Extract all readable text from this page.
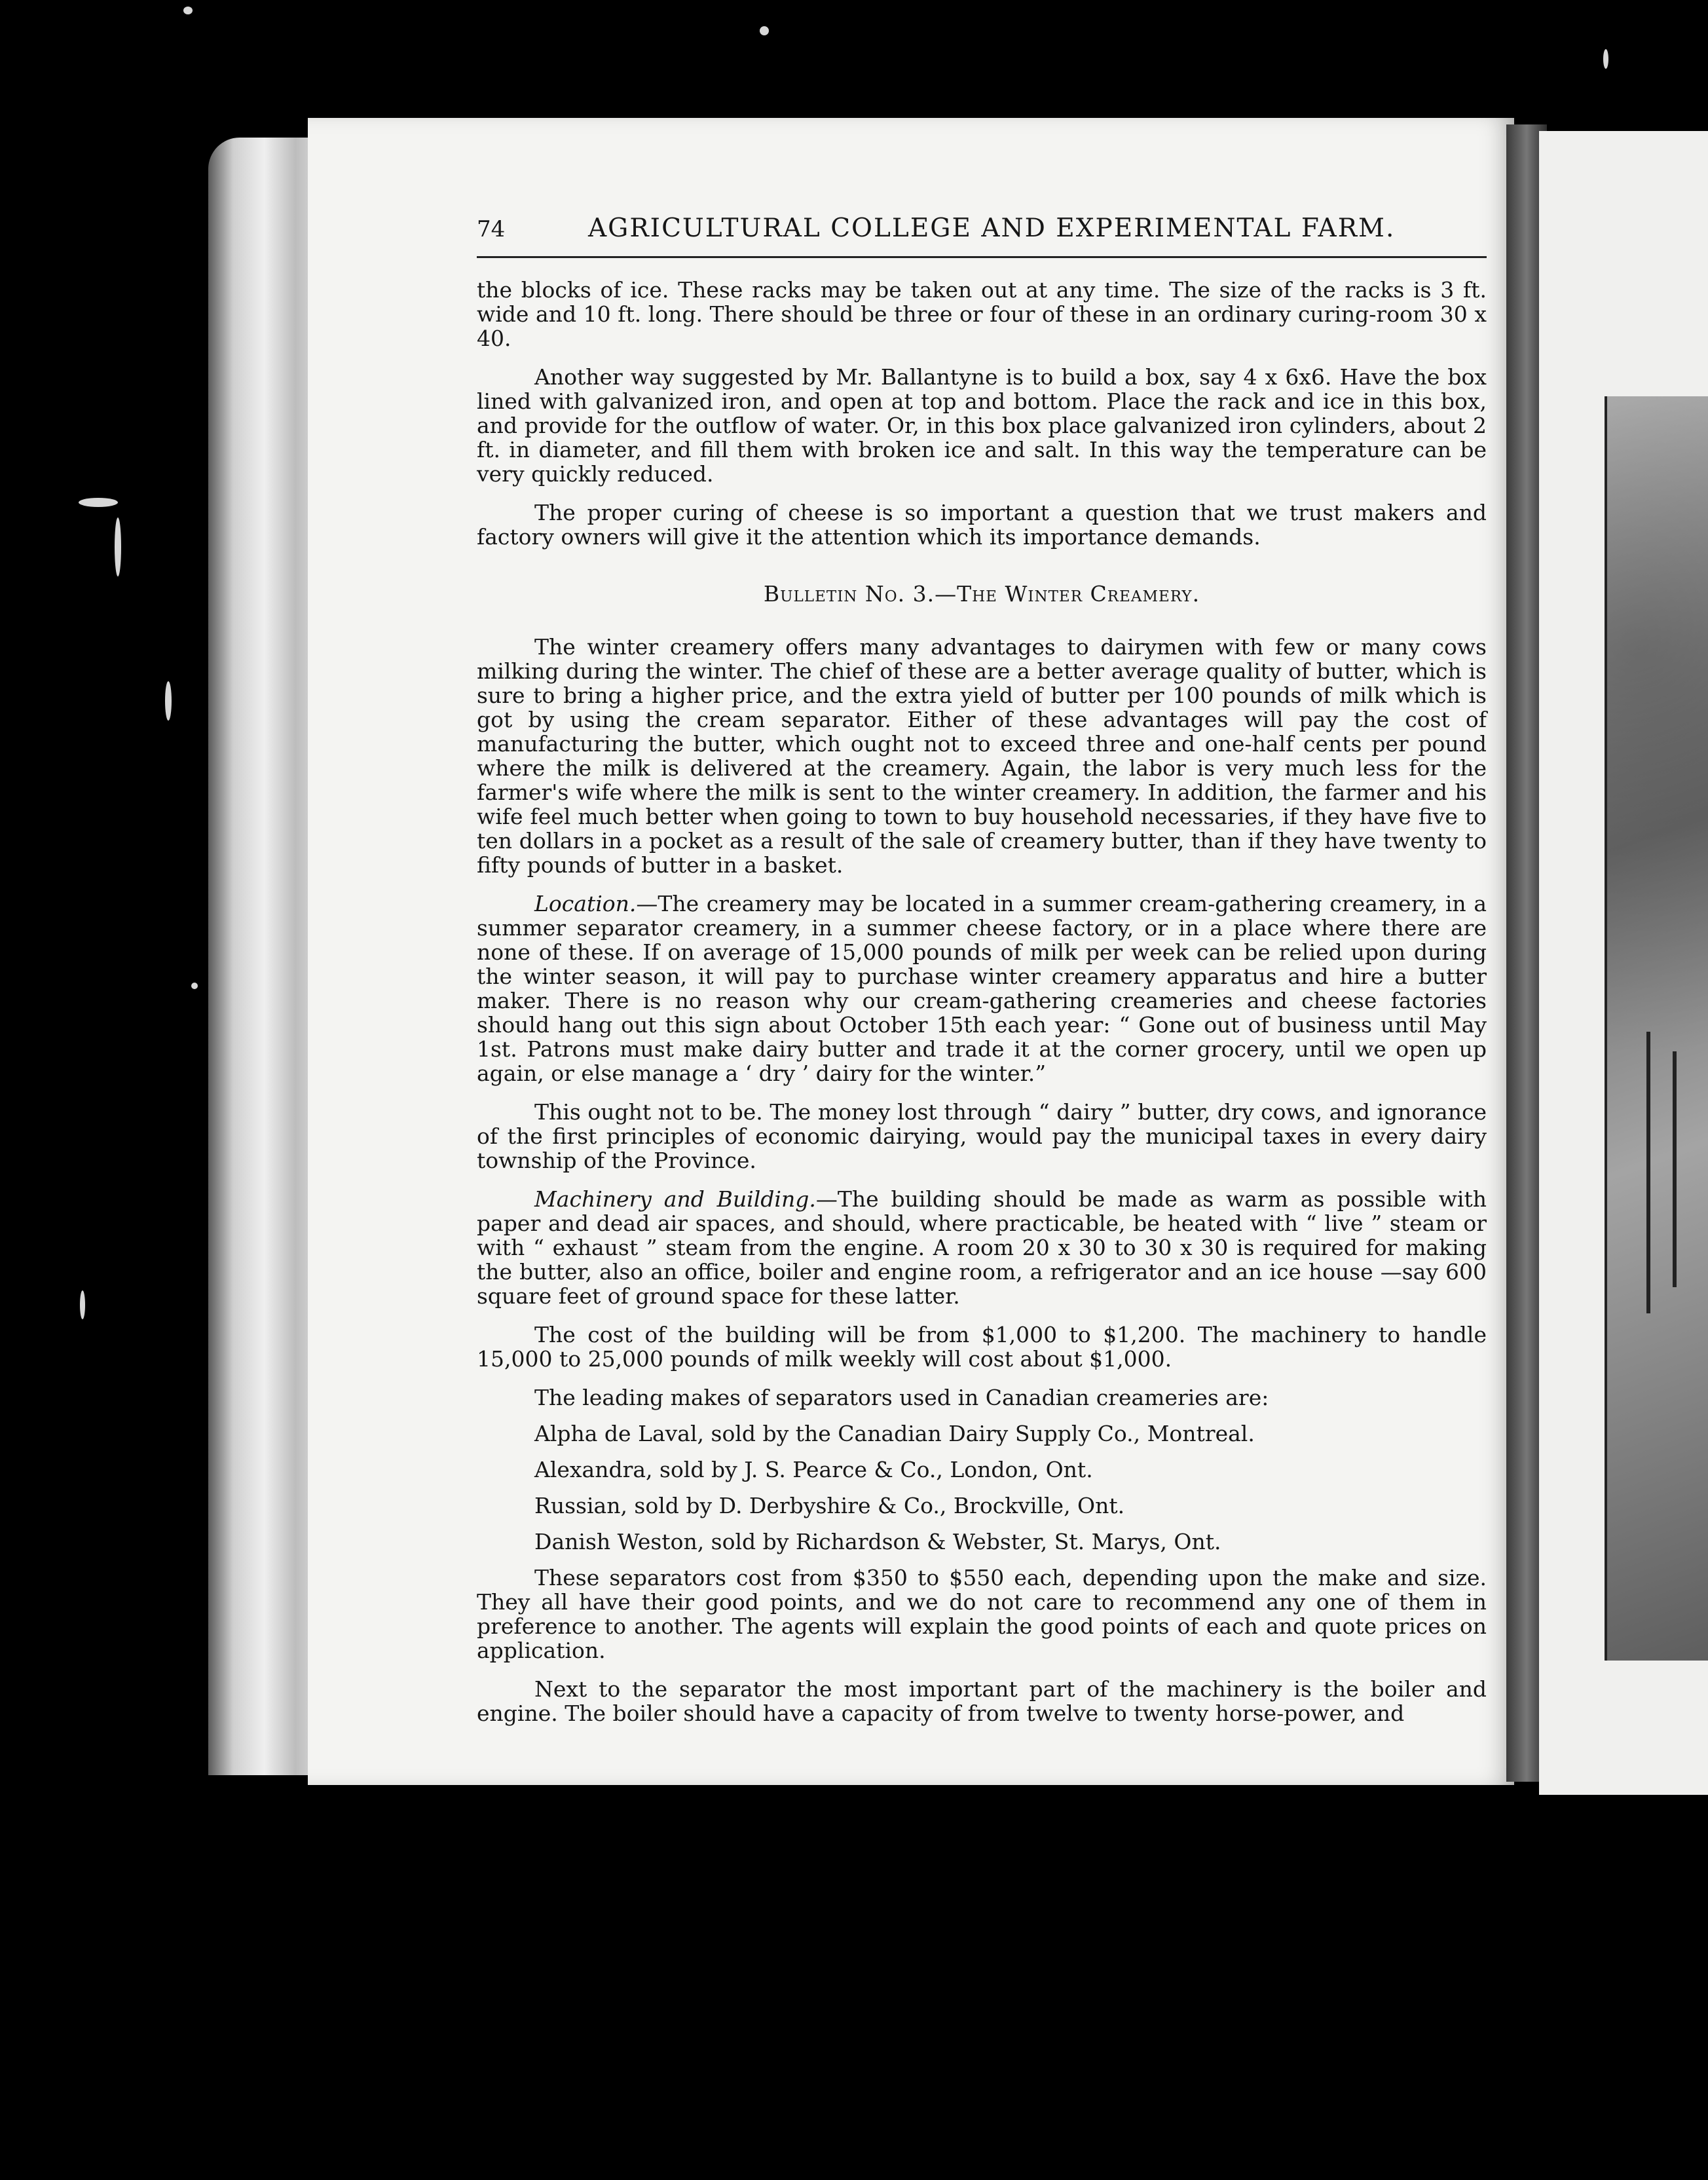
74	AGRICULTURAL COLLEGE AND EXPERIMENTAL FARM.

the blocks of ice. These racks may be taken out at any time. The size of the racks is 3 ft. wide and 10 ft. long. There should be three or four of these in an ordinary curing-room 30 x 40.

Another way suggested by Mr. Ballantyne is to build a box, say 4 x 6x6. Have the box lined with galvanized iron, and open at top and bottom. Place the rack and ice in this box, and provide for the outflow of water. Or, in this box place galvanized iron cylinders, about 2 ft. in diameter, and fill them with broken ice and salt. In this way the temperature can be very quickly reduced.

The proper curing of cheese is so important a question that we trust makers and factory owners will give it the attention which its importance demands.

Bulletin No. 3.—The Winter Creamery.

The winter creamery offers many advantages to dairymen with few or many cows milking during the winter. The chief of these are a better average quality of butter, which is sure to bring a higher price, and the extra yield of butter per 100 pounds of milk which is got by using the cream separator. Either of these advantages will pay the cost of manufacturing the butter, which ought not to exceed three and one-half cents per pound where the milk is delivered at the creamery. Again, the labor is very much less for the farmer's wife where the milk is sent to the winter creamery. In addition, the farmer and his wife feel much better when going to town to buy household necessaries, if they have five to ten dollars in a pocket as a result of the sale of creamery butter, than if they have twenty to fifty pounds of butter in a basket.

Location.—The creamery may be located in a summer cream-gathering creamery, in a summer separator creamery, in a summer cheese factory, or in a place where there are none of these. If on average of 15,000 pounds of milk per week can be relied upon during the winter season, it will pay to purchase winter creamery apparatus and hire a butter maker. There is no reason why our cream-gathering creameries and cheese factories should hang out this sign about October 15th each year: “ Gone out of business until May 1st. Patrons must make dairy butter and trade it at the corner grocery, until we open up again, or else manage a ‘ dry ’ dairy for the winter.”

This ought not to be. The money lost through “ dairy ” butter, dry cows, and ignorance of the first principles of economic dairying, would pay the municipal taxes in every dairy township of the Province.

Machinery and Building.—The building should be made as warm as possible with paper and dead air spaces, and should, where practicable, be heated with “ live ” steam or with “ exhaust ” steam from the engine. A room 20 x 30 to 30 x 30 is required for making the butter, also an office, boiler and engine room, a refrigerator and an ice house —say 600 square feet of ground space for these latter.

The cost of the building will be from $1,000 to $1,200. The machinery to handle 15,000 to 25,000 pounds of milk weekly will cost about $1,000.

The leading makes of separators used in Canadian creameries are:

Alpha de Laval, sold by the Canadian Dairy Supply Co., Montreal.

Alexandra, sold by J. S. Pearce & Co., London, Ont.

Russian, sold by D. Derbyshire & Co., Brockville, Ont.

Danish Weston, sold by Richardson & Webster, St. Marys, Ont.

These separators cost from $350 to $550 each, depending upon the make and size. They all have their good points, and we do not care to recommend any one of them in preference to another. The agents will explain the good points of each and quote prices on application.

Next to the separator the most important part of the machinery is the boiler and engine. The boiler should have a capacity of from twelve to twenty horse-power, and
